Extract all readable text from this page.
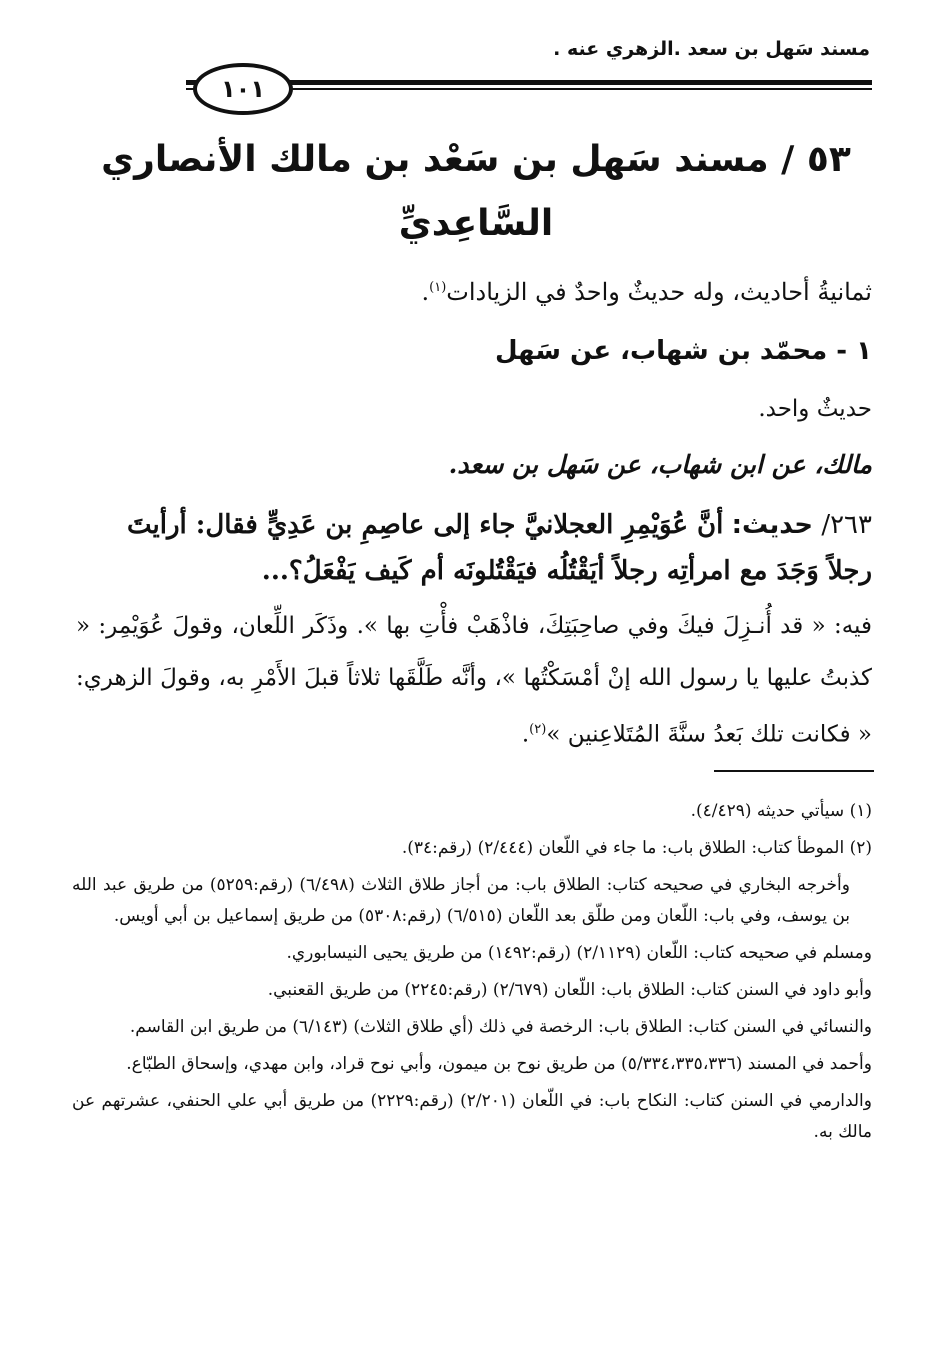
مسند سَهل بن سعد .الزهري عنه .
١٠١
٥٣ / مسند سَهل بن سَعْد بن مالك الأنصاري
السَّاعِديِّ
ثمانيةُ أحاديث، وله حديثٌ واحدٌ في الزيادات$^{(١)}$.
١ - محمّد بن شهاب، عن سَهل
حديثٌ واحد.
مالك، عن ابن شهاب، عن سَهل بن سعد.
٢٦٣/ حديث: أنَّ عُوَيْمِرِ العجلانيَّ جاء إلى عاصِمِ بن عَدِيٍّ فقال: أرأيتَ رجلاً وَجَدَ مع امرأتِه رجلاً أيَقْتُلُه فيَقْتُلونَه أم كَيف يَفْعَلُ؟...
فيه: « قد أُنـزِلَ فيكَ وفي صاحِبَتِكَ، فاذْهَبْ فأْتِ بها ». وذَكَر اللِّعان، وقولَ عُوَيْمِر: « كذبتُ عليها يا رسول الله إنْ أمْسَكْتُها »، وأنَّه طَلَّقَها ثلاثاً قبلَ الأَمْرِ به، وقولَ الزهري: « فكانت تلك بَعدُ سنَّةَ المُتَلاعِنين »$^{(٢)}$.

(١) سيأتي حديثه (٤/٤٢٩).

(٢) الموطأ كتاب: الطلاق باب: ما جاء في اللّعان (٢/٤٤٤) (رقم:٣٤).

وأخرجه البخاري في صحيحه كتاب: الطلاق باب: من أجاز طلاق الثلاث (٦/٤٩٨) (رقم:٥٢٥٩) من طريق عبد الله بن يوسف، وفي باب: اللّعان ومن طلّق بعد اللّعان (٦/٥١٥) (رقم:٥٣٠٨) من طريق إسماعيل بن أبي أويس.

ومسلم في صحيحه كتاب: اللّعان (٢/١١٢٩) (رقم:١٤٩٢) من طريق يحيى النيسابوري.

وأبو داود في السنن كتاب: الطلاق باب: اللّعان (٢/٦٧٩) (رقم:٢٢٤٥) من طريق القعنبي.

والنسائي في السنن كتاب: الطلاق باب: الرخصة في ذلك (أي طلاق الثلاث) (٦/١٤٣) من طريق ابن القاسم.

وأحمد في المسند (٥/٣٣٤،٣٣٥،٣٣٦) من طريق نوح بن ميمون، وأبي نوح قراد، وابن مهدي، وإسحاق الطبّاع.

والدارمي في السنن كتاب: النكاح باب: في اللّعان (٢/٢٠١) (رقم:٢٢٢٩) من طريق أبي علي الحنفي، عشرتهم عن مالك به.
